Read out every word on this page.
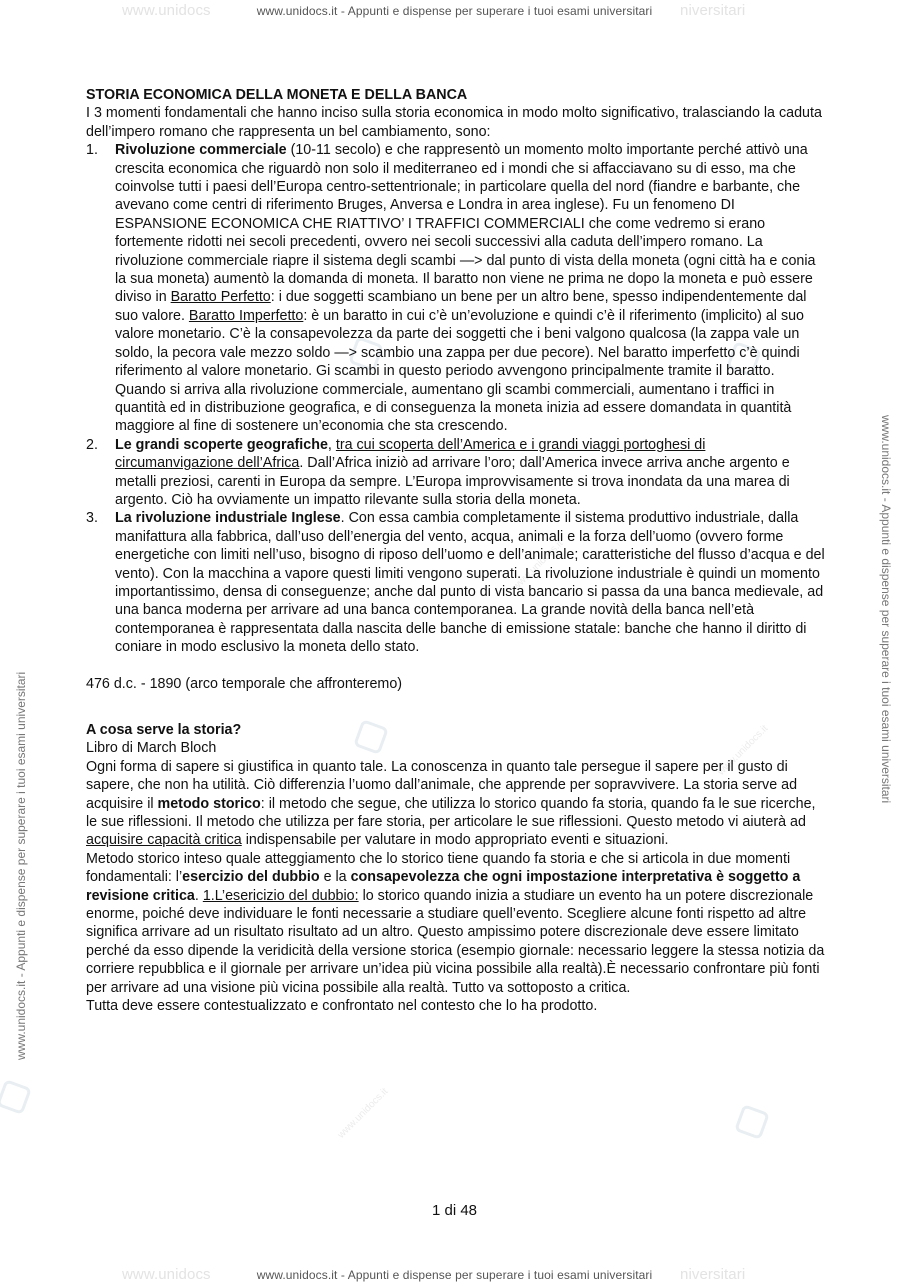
www.unidocs	www.unidocs.it - Appunti e dispense per superare i tuoi esami universitari niversitari
www.unidocs.it - Appunti e dispense per superare i tuoi esami universitari
www.unidocs.it - Appunti e dispense per superare i tuoi esami universitari
www.unidocs.it
www.unidocs.it
www.unidocs.it

STORIA ECONOMICA DELLA MONETA E DELLA BANCA

I 3 momenti fondamentali che hanno inciso sulla storia economica in modo molto significativo, tralasciando la caduta dell’impero romano che rappresenta un bel cambiamento, sono:

1. Rivoluzione commerciale (10-11 secolo) e che rappresentò un momento molto importante perché attivò una crescita economica che riguardò non solo il mediterraneo ed i mondi che si affacciavano su di esso, ma che coinvolse tutti i paesi dell’Europa centro-settentrionale; in particolare quella del nord (fiandre e barbante, che avevano come centri di riferimento Bruges, Anversa e Londra in area inglese). Fu un fenomeno DI ESPANSIONE ECONOMICA CHE RIATTIVO’ I TRAFFICI COMMERCIALI che come vedremo si erano fortemente ridotti nei secoli precedenti, ovvero nei secoli successivi alla caduta dell’impero romano. La rivoluzione commerciale riapre il sistema degli scambi —> dal punto di vista della moneta (ogni città ha e conia la sua moneta) aumentò la domanda di moneta. Il baratto non viene ne prima ne dopo la moneta e può essere diviso in Baratto Perfetto: i due soggetti scambiano un bene per un altro bene, spesso indipendentemente dal suo valore. Baratto Imperfetto: è un baratto in cui c’è un’evoluzione e quindi c’è il riferimento (implicito) al suo valore monetario. C’è la consapevolezza da parte dei soggetti che i beni valgono qualcosa (la zappa vale un soldo, la pecora vale mezzo soldo —> scambio una zappa per due pecore). Nel baratto imperfetto c’è quindi riferimento al valore monetario. Gi scambi in questo periodo avvengono principalmente tramite il baratto. Quando si arriva alla rivoluzione commerciale, aumentano gli scambi commerciali, aumentano i traffici in quantità ed in distribuzione geografica, e di conseguenza la moneta inizia ad essere domandata in quantità maggiore al fine di sostenere un’economia che sta crescendo.
2. Le grandi scoperte geografiche, tra cui scoperta dell’America e i grandi viaggi portoghesi di circumanvigazione dell’Africa. Dall’Africa iniziò ad arrivare l’oro; dall’America invece arriva anche argento e metalli preziosi, carenti in Europa da sempre. L’Europa improvvisamente si trova inondata da una marea di argento. Ciò ha ovviamente un impatto rilevante sulla storia della moneta.
3. La rivoluzione industriale Inglese. Con essa cambia completamente il sistema produttivo industriale, dalla manifattura alla fabbrica, dall’uso dell’energia del vento, acqua, animali e la forza dell’uomo (ovvero forme energetiche con limiti nell’uso, bisogno di riposo dell’uomo e dell’animale; caratteristiche del flusso d’acqua e del vento). Con la macchina a vapore questi limiti vengono superati. La rivoluzione industriale è quindi un momento importantissimo, densa di conseguenze; anche dal punto di vista bancario si passa da una banca medievale, ad una banca moderna per arrivare ad una banca contemporanea. La grande novità della banca nell’età contemporanea è rappresentata dalla nascita delle banche di emissione statale: banche che hanno il diritto di coniare in modo esclusivo la moneta dello stato.

476 d.c. - 1890 (arco temporale che affronteremo)

A cosa serve la storia?

Libro di March Bloch

Ogni forma di sapere si giustifica in quanto tale. La conoscenza in quanto tale persegue il sapere per il gusto di sapere, che non ha utilità. Ciò differenzia l’uomo dall’animale, che apprende per sopravvivere. La storia serve ad acquisire il metodo storico: il metodo che segue, che utilizza lo storico quando fa storia, quando fa le sue ricerche, le sue riflessioni. Il metodo che utilizza per fare storia, per articolare le sue riflessioni. Questo metodo vi aiuterà ad acquisire capacità critica indispensabile per valutare in modo appropriato eventi e situazioni.

Metodo storico inteso quale atteggiamento che lo storico tiene quando fa storia e che si articola in due momenti fondamentali: l’esercizio del dubbio e la consapevolezza che ogni impostazione interpretativa è soggetto a revisione critica. 1.L’esericizio del dubbio: lo storico quando inizia a studiare un evento ha un potere discrezionale enorme, poiché deve individuare le fonti necessarie a studiare quell’evento. Scegliere alcune fonti rispetto ad altre significa arrivare ad un risultato risultato ad un altro. Questo ampissimo potere discrezionale deve essere limitato perché da esso dipende la veridicità della versione storica (esempio giornale: necessario leggere la stessa notizia da corriere repubblica e il giornale per arrivare un’idea più vicina possibile alla realtà).È necessario confrontare più fonti per arrivare ad una visione più vicina possibile alla realtà. Tutto va sottoposto a critica.

Tutta deve essere contestualizzato e confrontato nel contesto che lo ha prodotto.

1 di 48
www.unidocs	www.unidocs.it - Appunti e dispense per superare i tuoi esami universitari niversitari
